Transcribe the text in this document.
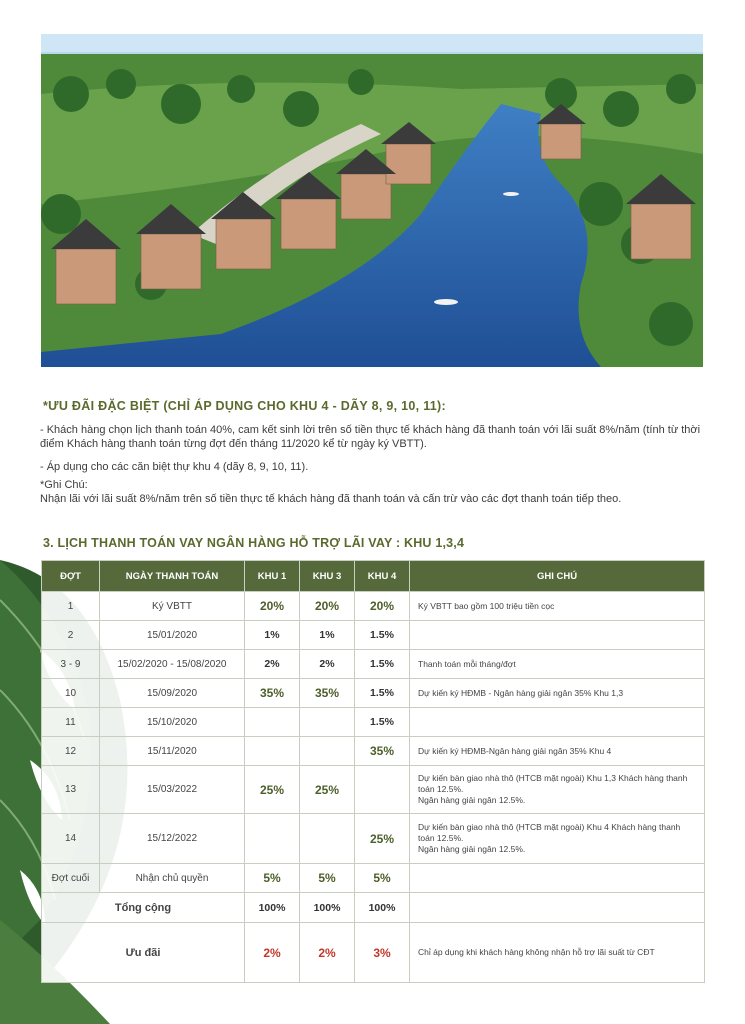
*ƯU ĐÃI ĐẶC BIỆT (CHỈ ÁP DỤNG CHO KHU 4 - DÃY 8, 9, 10, 11):
- Khách hàng chọn lịch thanh toán 40%, cam kết sinh lời trên số tiền thực tế khách hàng đã thanh toán với lãi suất 8%/năm (tính từ thời điểm Khách hàng thanh toán từng đợt đến tháng 11/2020 kể từ ngày ký VBTT).
- Áp dụng cho các căn biệt thự khu 4 (dãy 8, 9, 10, 11).
*Ghi Chú:
Nhận lãi với lãi suất 8%/năm trên số tiền thực tế khách hàng đã thanh toán và cấn trừ vào các đợt thanh toán tiếp theo.
3. LỊCH THANH TOÁN VAY NGÂN HÀNG HỖ TRỢ LÃI VAY : KHU 1,3,4
ĐỢT	NGÀY THANH TOÁN	KHU 1	KHU 3	KHU 4	GHI CHÚ
1	Ký VBTT	20%	20%	20%	Ký VBTT bao gồm 100 triệu tiền cọc
2	15/01/2020	1%	1%	1.5%	
3 - 9	15/02/2020 - 15/08/2020	2%	2%	1.5%	Thanh toán mỗi tháng/đợt
10	15/09/2020	35%	35%	1.5%	Dự kiến ký HĐMB - Ngân hàng giải ngân 35% Khu 1,3
11	15/10/2020			1.5%	
12	15/11/2020			35%	Dự kiến ký HĐMB-Ngân hàng giải ngân 35% Khu 4
13	15/03/2022	25%	25%		Dự kiến bàn giao nhà thô (HTCB mặt ngoài) Khu 1,3 Khách hàng thanh toán 12.5%.
Ngân hàng giải ngân 12.5%.
14	15/12/2022			25%	Dự kiến bàn giao nhà thô (HTCB mặt ngoài) Khu 4 Khách hàng thanh toán 12.5%.
Ngân hàng giải ngân 12.5%.
Đợt cuối	Nhận chủ quyền	5%	5%	5%	
Tổng cộng		100%	100%	100%	
Ưu đãi		2%	2%	3%	Chỉ áp dụng khi khách hàng không nhận hỗ trợ lãi suất từ CĐT
